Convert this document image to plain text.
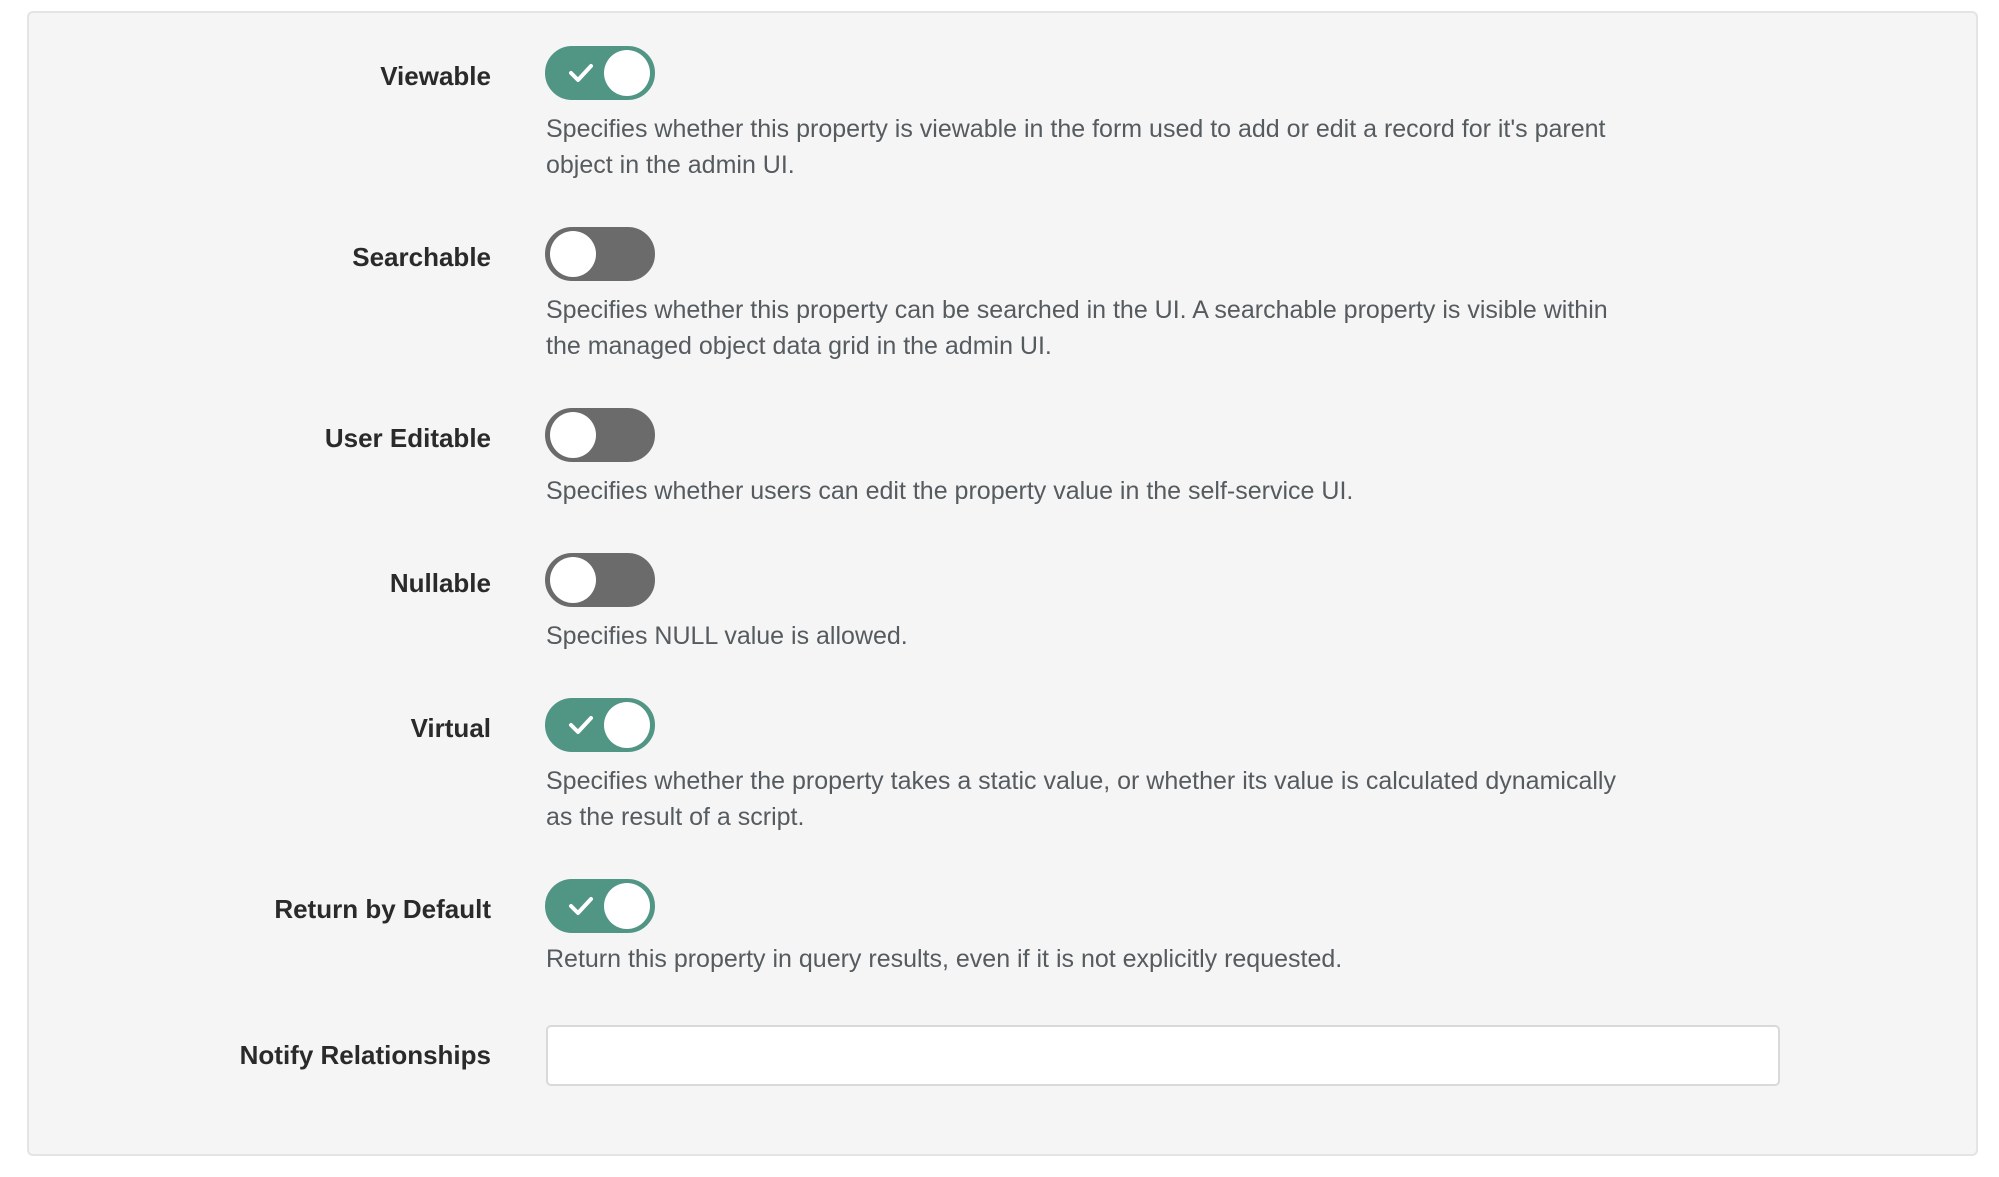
Viewable
Specifies whether this property is viewable in the form used to add or edit a record for it's parent object in the admin UI.
Searchable
Specifies whether this property can be searched in the UI. A searchable property is visible within the managed object data grid in the admin UI.
User Editable
Specifies whether users can edit the property value in the self-service UI.
Nullable
Specifies NULL value is allowed.
Virtual
Specifies whether the property takes a static value, or whether its value is calculated dynamically as the result of a script.
Return by Default
Return this property in query results, even if it is not explicitly requested.
Notify Relationships
